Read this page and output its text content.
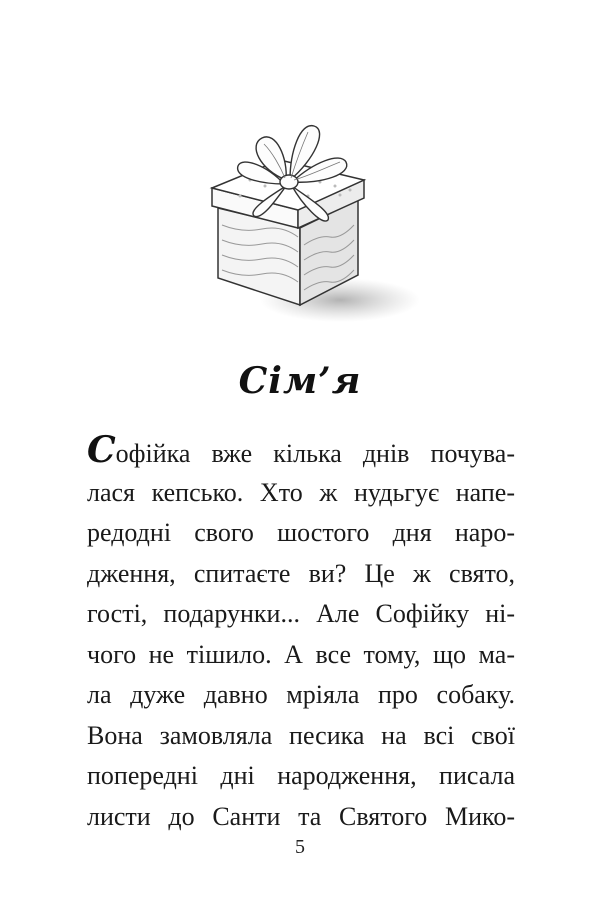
Сім’я
Софійка вже кілька днів почува-
лася кепсько. Хто ж нудьгує напе-
редодні свого шостого дня наро-
дження, спитаєте ви? Це ж свято,
гості, подарунки... Але Софійку ні-
чого не тішило. А все тому, що ма-
ла дуже давно мріяла про собаку.
Вона замовляла песика на всі свої
попередні дні народження, писала
листи до Санти та Святого Мико-
5
